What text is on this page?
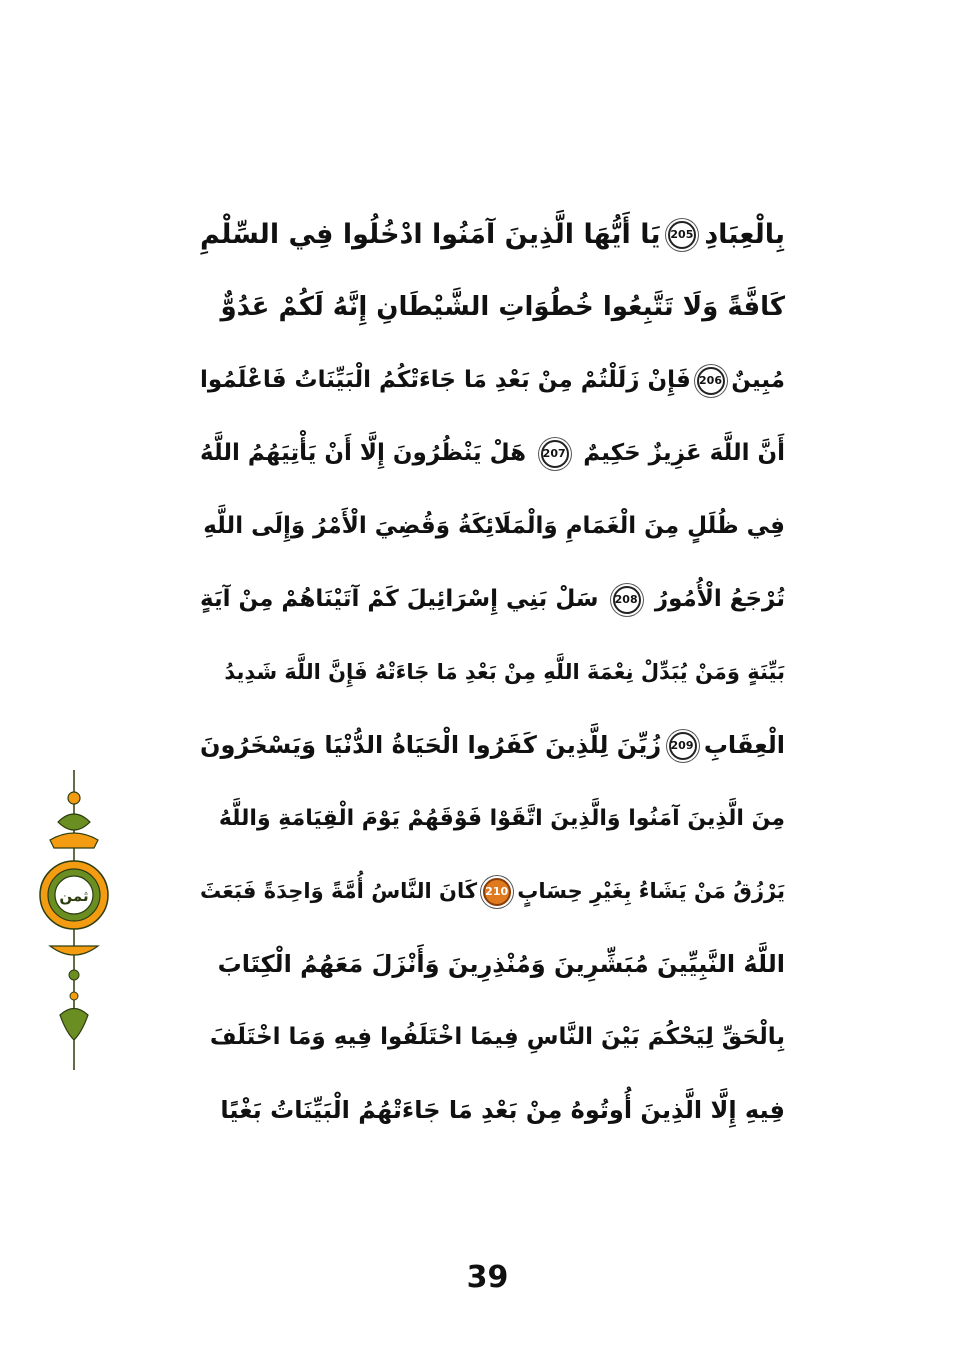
بِالْعِبَادِ
205
يَا أَيُّهَا الَّذِينَ آمَنُوا ادْخُلُوا فِي السِّلْمِ
كَافَّةً وَلَا تَتَّبِعُوا خُطُوَاتِ الشَّيْطَانِ إِنَّهُ لَكُمْ عَدُوٌّ
مُبِينٌ
206
فَإِنْ زَلَلْتُمْ مِنْ بَعْدِ مَا جَاءَتْكُمُ الْبَيِّنَاتُ فَاعْلَمُوا
أَنَّ اللَّهَ عَزِيزٌ حَكِيمٌ
207
هَلْ يَنْظُرُونَ إِلَّا أَنْ يَأْتِيَهُمُ اللَّهُ
فِي ظُلَلٍ مِنَ الْغَمَامِ وَالْمَلَائِكَةُ وَقُضِيَ الْأَمْرُ وَإِلَى اللَّهِ
تُرْجَعُ الْأُمُورُ
208
سَلْ بَنِي إِسْرَائِيلَ كَمْ آتَيْنَاهُمْ مِنْ آيَةٍ
بَيِّنَةٍ وَمَنْ يُبَدِّلْ نِعْمَةَ اللَّهِ مِنْ بَعْدِ مَا جَاءَتْهُ فَإِنَّ اللَّهَ شَدِيدُ
الْعِقَابِ
209
زُيِّنَ لِلَّذِينَ كَفَرُوا الْحَيَاةُ الدُّنْيَا وَيَسْخَرُونَ
مِنَ الَّذِينَ آمَنُوا وَالَّذِينَ اتَّقَوْا فَوْقَهُمْ يَوْمَ الْقِيَامَةِ وَاللَّهُ
يَرْزُقُ مَنْ يَشَاءُ بِغَيْرِ حِسَابٍ
210
كَانَ النَّاسُ أُمَّةً وَاحِدَةً فَبَعَثَ
اللَّهُ النَّبِيِّينَ مُبَشِّرِينَ وَمُنْذِرِينَ وَأَنْزَلَ مَعَهُمُ الْكِتَابَ
بِالْحَقِّ لِيَحْكُمَ بَيْنَ النَّاسِ فِيمَا اخْتَلَفُوا فِيهِ وَمَا اخْتَلَفَ
فِيهِ إِلَّا الَّذِينَ أُوتُوهُ مِنْ بَعْدِ مَا جَاءَتْهُمُ الْبَيِّنَاتُ بَغْيًا
ثمن
39
